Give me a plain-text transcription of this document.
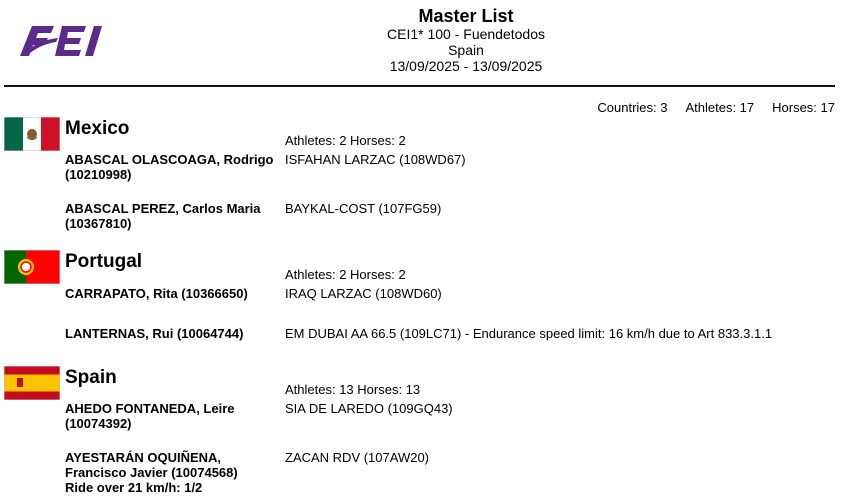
Master List
CEI1* 100 - Fuendetodos
Spain
13/09/2025 - 13/09/2025
Countries: 3 Athletes: 17 Horses: 17
Mexico
Athletes: 2 Horses: 2
ABASCAL OLASCOAGA, Rodrigo (10210998)
ISFAHAN LARZAC (108WD67)
ABASCAL PEREZ, Carlos Maria (10367810)
BAYKAL-COST (107FG59)
Portugal
Athletes: 2 Horses: 2
CARRAPATO, Rita (10366650)	IRAQ LARZAC (108WD60)
LANTERNAS, Rui (10064744)	EM DUBAI AA 66.5 (109LC71) - Endurance speed limit: 16 km/h due to Art 833.3.1.1
Spain
Athletes: 13 Horses: 13
AHEDO FONTANEDA, Leire (10074392)
SIA DE LAREDO (109GQ43)
AYESTARÁN OQUIÑENA, Francisco Javier (10074568)
Ride over 21 km/h: 1/2
ZACAN RDV (107AW20)
